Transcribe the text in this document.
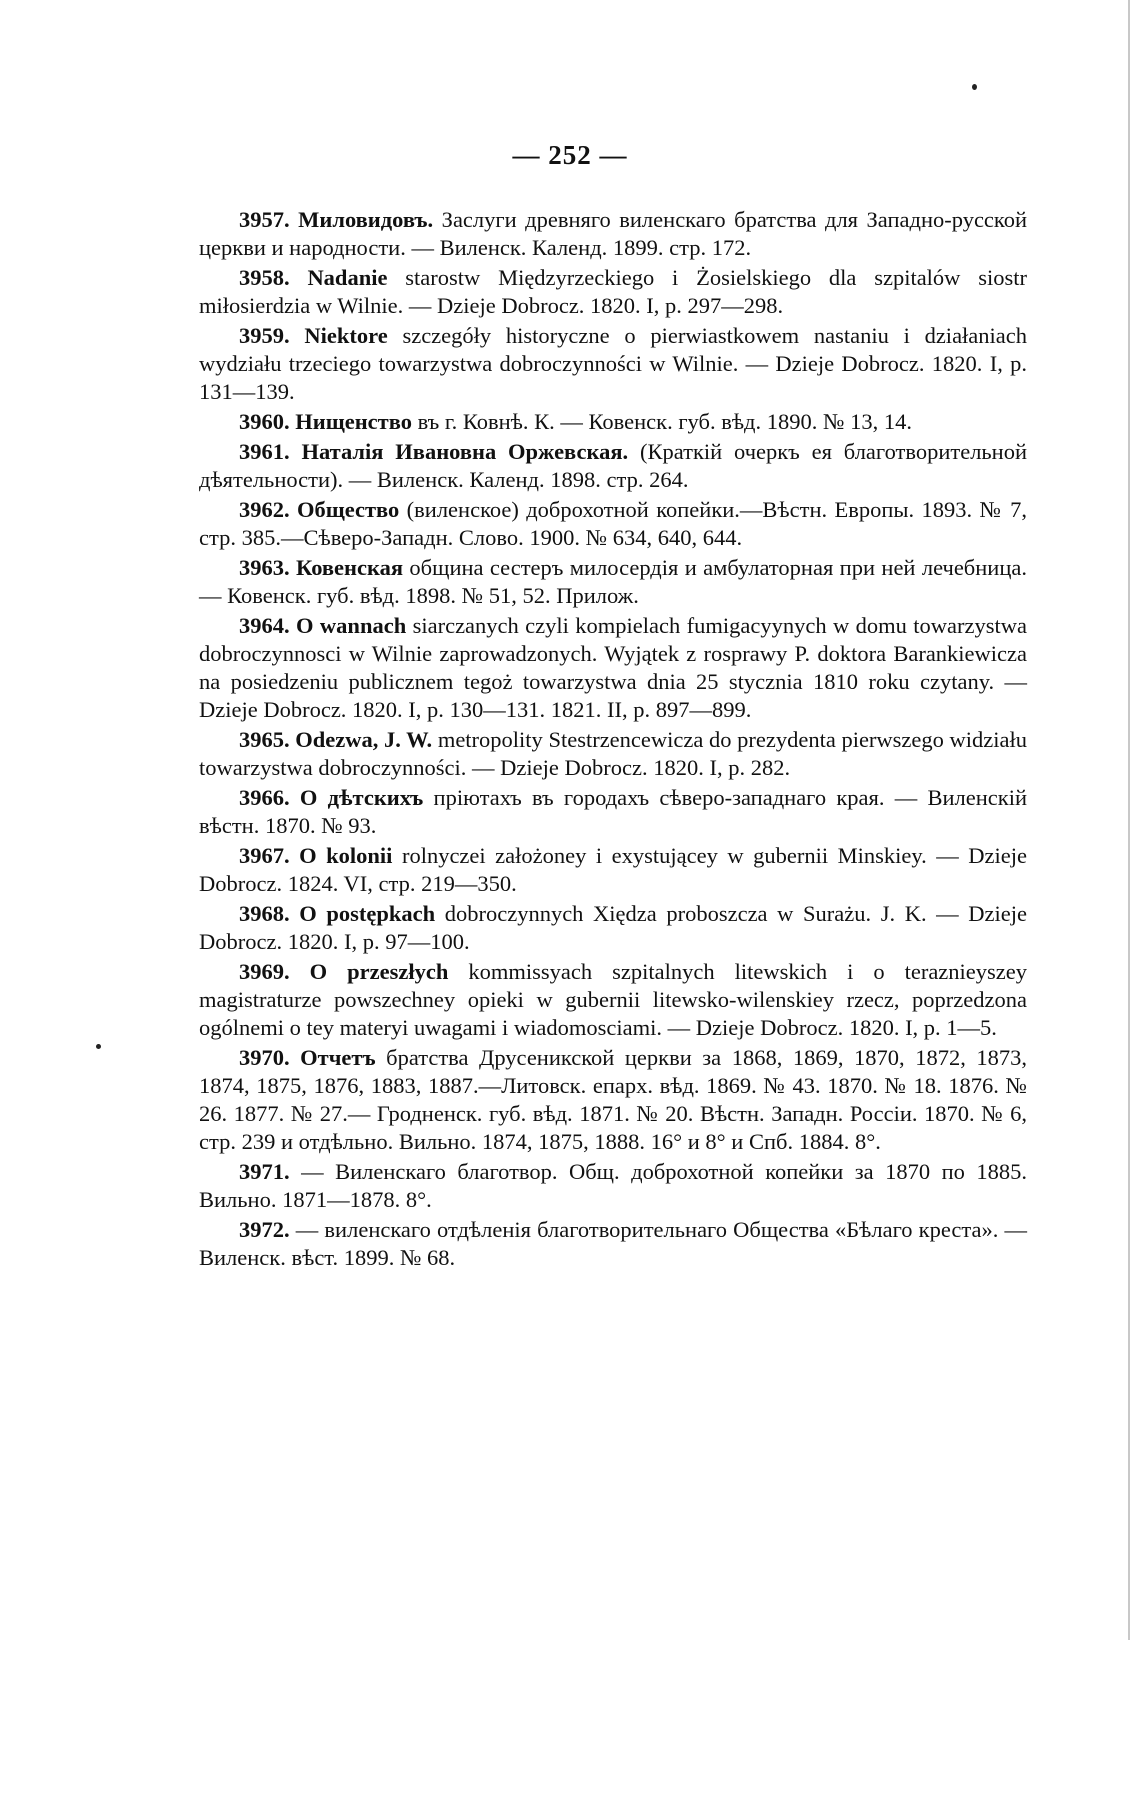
— 252 —

3957. Миловидовъ. Заслуги древняго виленскаго братства для Западно-русской церкви и народности. — Виленск. Календ. 1899. стр. 172.

3958. Nadanie starostw Międzyrzeckiego i Żosielskiego dla szpitalów siostr miłosierdzia w Wilnie. — Dzieje Dobrocz. 1820. I, p. 297—298.

3959. Niektore szczegóły historyczne o pierwiastkowem nastaniu i działaniach wydziału trzeciego towarzystwa dobroczynności w Wilnie. — Dzieje Dobrocz. 1820. I, p. 131—139.

3960. Нищенство въ г. Ковнѣ. К. — Ковенск. губ. вѣд. 1890. № 13, 14.

3961. Наталія Ивановна Оржевская. (Краткій очеркъ ея благотворительной дѣятельности). — Виленск. Календ. 1898. стр. 264.

3962. Общество (виленское) доброхотной копейки.—Вѣстн. Европы. 1893. № 7, стр. 385.—Сѣверо-Западн. Слово. 1900. № 634, 640, 644.

3963. Ковенская община сестеръ милосердія и амбулаторная при ней лечебница. — Ковенск. губ. вѣд. 1898. № 51, 52. Прилож.

3964. O wannach siarczanych czyli kompielach fumigacyynych w domu towarzystwa dobroczynnosci w Wilnie zaprowadzonych. Wyjątek z rosprawy P. doktora Barankiewicza na posiedzeniu publicznem tegoż towarzystwa dnia 25 stycznia 1810 roku czytany. — Dzieje Dobrocz. 1820. I, p. 130—131. 1821. II, p. 897—899.

3965. Odezwa, J. W. metropolity Stestrzencewicza do prezydenta pierwszego widziału towarzystwa dobroczynności. — Dzieje Dobrocz. 1820. I, p. 282.

3966. О дѣтскихъ пріютахъ въ городахъ сѣверо-западнаго края. — Виленскій вѣстн. 1870. № 93.

3967. O kolonii rolnyczei założoney i exystującey w gubernii Minskiey. — Dzieje Dobrocz. 1824. VI, стр. 219—350.

3968. O postępkach dobroczynnych Xiędza proboszcza w Surażu. J. K. — Dzieje Dobrocz. 1820. I, p. 97—100.

3969. O przeszłych kommissyach szpitalnych litewskich i o teraznieyszey magistraturze powszechney opieki w gubernii litewsko-wilenskiey rzecz, poprzedzona ogólnemi o tey materyi uwagami i wiadomosciami. — Dzieje Dobrocz. 1820. I, p. 1—5.

3970. Отчетъ братства Друсеникской церкви за 1868, 1869, 1870, 1872, 1873, 1874, 1875, 1876, 1883, 1887.—Литовск. епарх. вѣд. 1869. № 43. 1870. № 18. 1876. № 26. 1877. № 27.— Гродненск. губ. вѣд. 1871. № 20. Вѣстн. Западн. Россіи. 1870. № 6, стр. 239 и отдѣльно. Вильно. 1874, 1875, 1888. 16° и 8° и Спб. 1884. 8°.

3971. — Виленскаго благотвор. Общ. доброхотной копейки за 1870 по 1885. Вильно. 1871—1878. 8°.

3972. — виленскаго отдѣленія благотворительнаго Общества «Бѣлаго креста». — Виленск. вѣст. 1899. № 68.
